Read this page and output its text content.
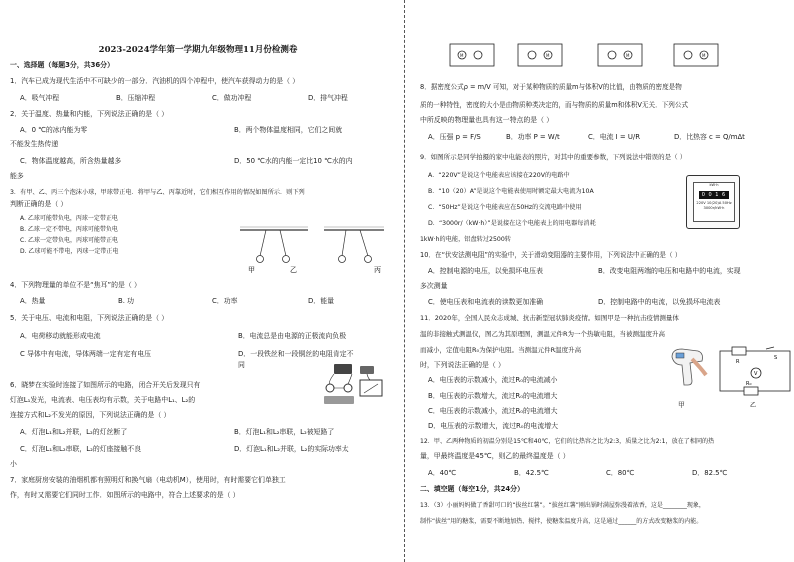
2023-2024学年第一学期九年级物理11月份检测卷
一、选择题（每题3分，共36分）
1．汽车已成为现代生活中不可缺少的一部分．汽油机的四个冲程中，使汽车获得动力的是（ ）
A．吸气冲程	B．压缩冲程	C．做功冲程	D．排气冲程
2．关于温度、热量和内能，下列说法正确的是（ ）
A．0 ℃的冰内能为零	B．两个物体温度相同，它们之间就
不能发生热传递
C．物体温度越高，所含热量越多	D．50 ℃水的内能一定比10 ℃水的内
能多
3．有甲、乙、丙三个泡沫小球，甲球带正电．将甲与乙、丙靠近时，它们相互作用的情况如图所示．则下列
判断正确的是（ ）
A. 乙球可能带负电，丙球一定带正电
B. 乙球一定不带电，丙球可能带负电
C. 乙球一定带负电，丙球可能带正电
D. 乙球可能不带电，丙球一定带正电
甲	乙	丙
4．下列物理量的单位不是“焦耳”的是（ ）
A．热量	B. 功	C．功率	D．能量
5．关于电压、电流和电阻，下列说法正确的是（ ）
A．电荷移动就能形成电流	B．电流总是由电源的正极流向负极
C 导体中有电流，导体两端一定有定有电压	D．一段铁丝和一段铜丝的电阻肯定不
同
6．晓梦在实验时连接了如图所示的电路，闭合开关后发现只有
灯泡L₁发光，电流表、电压表均有示数，关于电路中L₁、L₂的
连接方式和L₂不发光的原因，下列说法正确的是（ ）
A．灯泡L₁和L₂并联，L₂的灯丝断了	B．灯泡L₁和L₂串联，L₂被短路了
C．灯泡L₁和L₂串联，L₂的灯座接触不良	D．灯泡L₁和L₂并联，L₂的实际功率太
小
7．家庭厨房安装的油烟机都有照明灯和换气扇（电动机M），使用时，有时需要它们单独工
作，有时又需要它们同时工作．如图所示的电路中，符合上述要求的是（ ）
M	M	M	M
8．据密度公式ρ = m/V 可知，对于某种物质的质量m与体积V的比值，由物质的密度是物
质的一种特性，密度的大小是由物质种类决定的，而与物质的质量m和体积V无关．下列公式
中所反映的物理量也具有这一特点的是（ ）
A．压强 p = F/S	B．功率 P = W/t	C．电流 I = U/R	D．比热容 c = Q/mΔt
9．如图所示是同学拍摄的家中电能表的照片，对其中的重要参数，下列说法中错误的是（ ）
A．“220V”是说这个电能表应该接在220V的电路中
B．“10（20）A”是说这个电能表使用时额定最大电流为10A
C．“50Hz”是说这个电能表应在50Hz的交流电路中使用
D．“3000r/（kW·h）”是说接在这个电能表上的用电器每消耗
1kW·h的电能，铝盘转过2500转
kW·h
0 0 1 6
220V 10(20)A 50Hz
3000r/kW·h
10．在“伏安法测电阻”的实验中，关于滑动变阻器的主要作用，下列说法中正确的是（ ）
A．控制电源的电压，以免损坏电压表	B．改变电阻两端的电压和电路中的电流，实现
多次测量
C．使电压表和电流表的读数更加准确	D．控制电路中的电流，以免损坏电流表
11．2020年，全国人民众志成城、抗击新型冠状肺炎疫情。如图甲是一种抗击疫情测量体
温的非接触式测温仪，图乙为其原理图，测温元件R为一个热敏电阻，当被测温度升高
而减小，定值电阻R₀为保护电阻。当测温元件R温度升高
时，下列说法正确的是（ ）
A．电压表的示数减小，流过R₀的电流减小
B．电压表的示数增大，流过R₀的电流增大
C．电压表的示数减小，流过R₀的电流增大
D．电压表的示数增大，流过R₀的电流增大
R
S
R₀
V
乙
甲
12．甲、乙两种物质的初温分别是15℃和40℃，它们的比热容之比为2:3，质量之比为2:1，放在了相同的热
量，甲最终温度是45℃，则乙的最终温度是（ ）
A．40℃	B．42.5℃	C．80℃	D．82.5℃
二、填空题（每空1分，共24分）
13．（3）小丽妈妈做了香甜可口的“拔丝红薯”。“拔丝红薯”刚出锅时满屋弥漫着浓香，这是________现象，
制作“拔丝”用的糖浆，需要不断地加热、搅拌，使糖浆温度升高，这是通过______的方式改变糖浆的内能。
